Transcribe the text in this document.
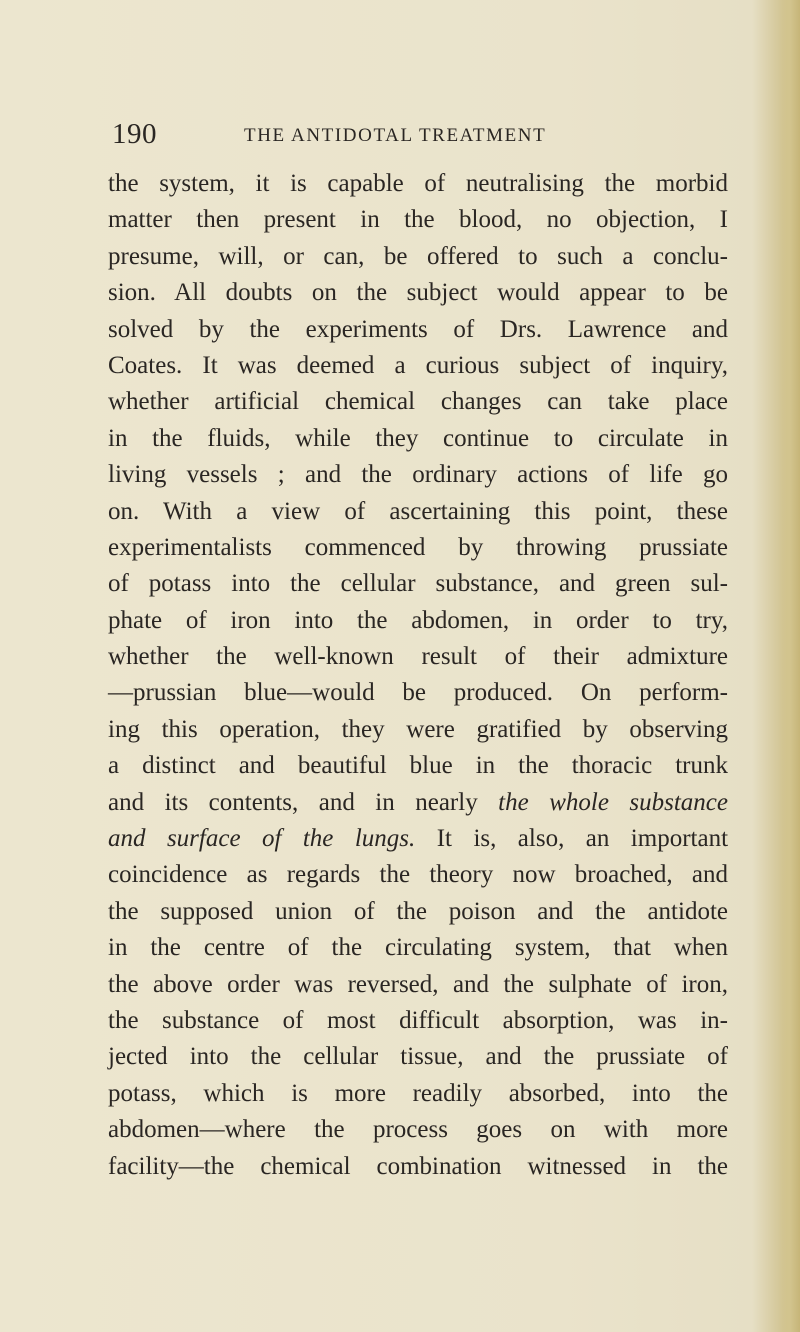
190	THE ANTIDOTAL TREATMENT
the system, it is capable of neutralising the morbid
matter then present in the blood, no objection, I
presume, will, or can, be offered to such a conclu-
sion. All doubts on the subject would appear to be
solved by the experiments of Drs. Lawrence and
Coates. It was deemed a curious subject of inquiry,
whether artificial chemical changes can take place
in the fluids, while they continue to circulate in
living vessels ; and the ordinary actions of life go
on. With a view of ascertaining this point, these
experimentalists commenced by throwing prussiate
of potass into the cellular substance, and green sul-
phate of iron into the abdomen, in order to try,
whether the well-known result of their admixture
—prussian blue—would be produced. On perform-
ing this operation, they were gratified by observing
a distinct and beautiful blue in the thoracic trunk
and its contents, and in nearly the whole substance
and surface of the lungs. It is, also, an important
coincidence as regards the theory now broached, and
the supposed union of the poison and the antidote
in the centre of the circulating system, that when
the above order was reversed, and the sulphate of iron,
the substance of most difficult absorption, was in-
jected into the cellular tissue, and the prussiate of
potass, which is more readily absorbed, into the
abdomen—where the process goes on with more
facility—the chemical combination witnessed in the
